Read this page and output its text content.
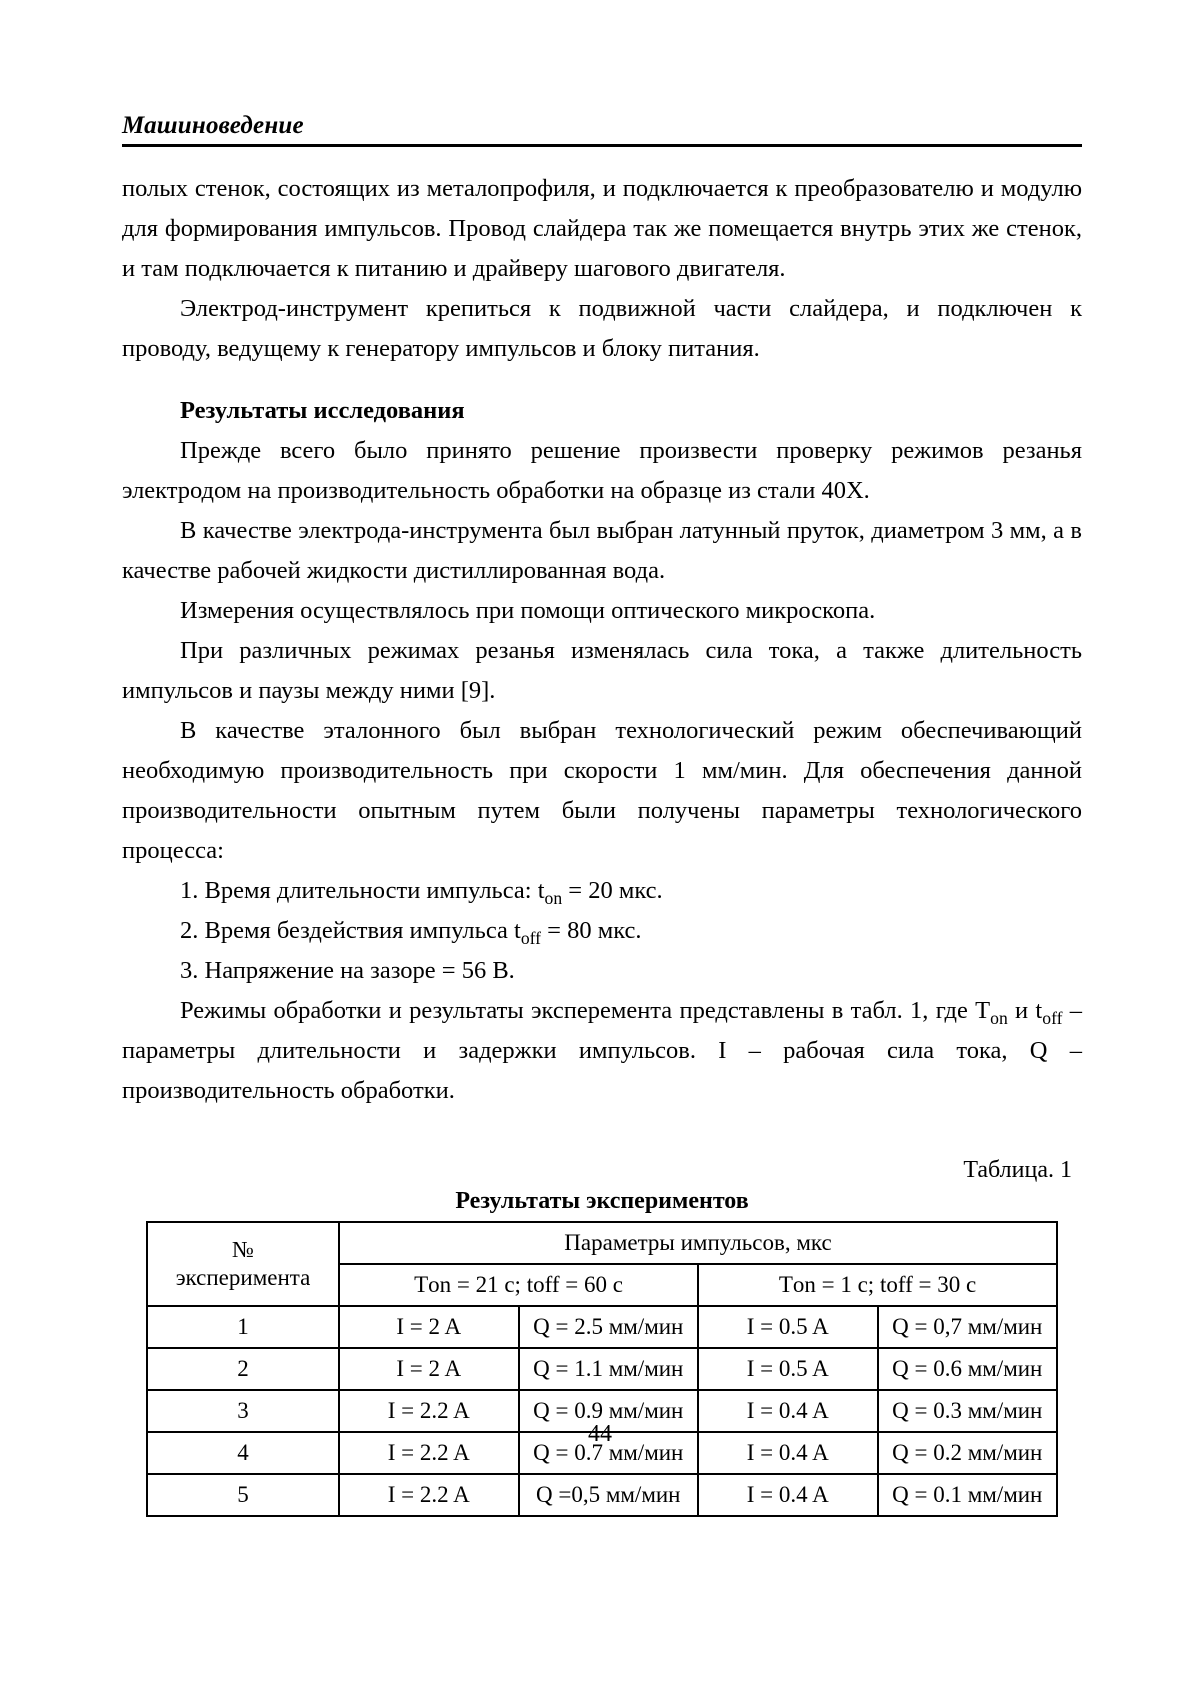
Машиноведение

полых стенок, состоящих из металопрофиля, и подключается к преобразователю и модулю для формирования импульсов. Провод слайдера так же помещается внутрь этих же стенок, и там подключается к питанию и драйверу шагового двигателя.

Электрод-инструмент крепиться к подвижной части слайдера, и подключен к проводу, ведущему к генератору импульсов и блоку питания.

Результаты исследования

Прежде всего было принято решение произвести проверку режимов резанья электродом на производительность обработки на образце из стали 40Х.

В качестве электрода-инструмента был выбран латунный пруток, диаметром 3 мм, а в качестве рабочей жидкости дистиллированная вода.

Измерения осуществлялось при помощи оптического микроскопа.

При различных режимах резанья изменялась сила тока, а также длительность импульсов и паузы между ними [9].

В качестве эталонного был выбран технологический режим обеспечивающий необходимую производительность при скорости 1 мм/мин. Для обеспечения данной производительности опытным путем были получены параметры технологического процесса:

1. Время длительности импульса: $t_{on} = 20$ мкс.

2. Время бездействия импульса $t_{off} = 80$ мкс.

3. Напряжение на зазоре = 56 В.

Режимы обработки и результаты эксперемента представлены в табл. 1, где $T_{on}$ и $t_{off}$ – параметры длительности и задержки импульсов. I – рабочая сила тока, Q – производительность обработки.

Таблица. 1
Результаты экспериментов
№
эксперимента	Параметры импульсов, мкс			
	Тon = 21 с; toff = 60 с		Тon = 1 с; toff = 30 с	
1	I = 2 A	Q = 2.5 мм/мин	I = 0.5 A	Q = 0,7 мм/мин
2	I = 2 A	Q = 1.1 мм/мин	I = 0.5 A	Q = 0.6 мм/мин
3	I = 2.2 A	Q = 0.9 мм/мин	I = 0.4 A	Q = 0.3 мм/мин
4	I = 2.2 A	Q = 0.7 мм/мин	I = 0.4 A	Q = 0.2 мм/мин
5	I = 2.2 A	Q =0,5 мм/мин	I = 0.4 A	Q = 0.1 мм/мин
44
